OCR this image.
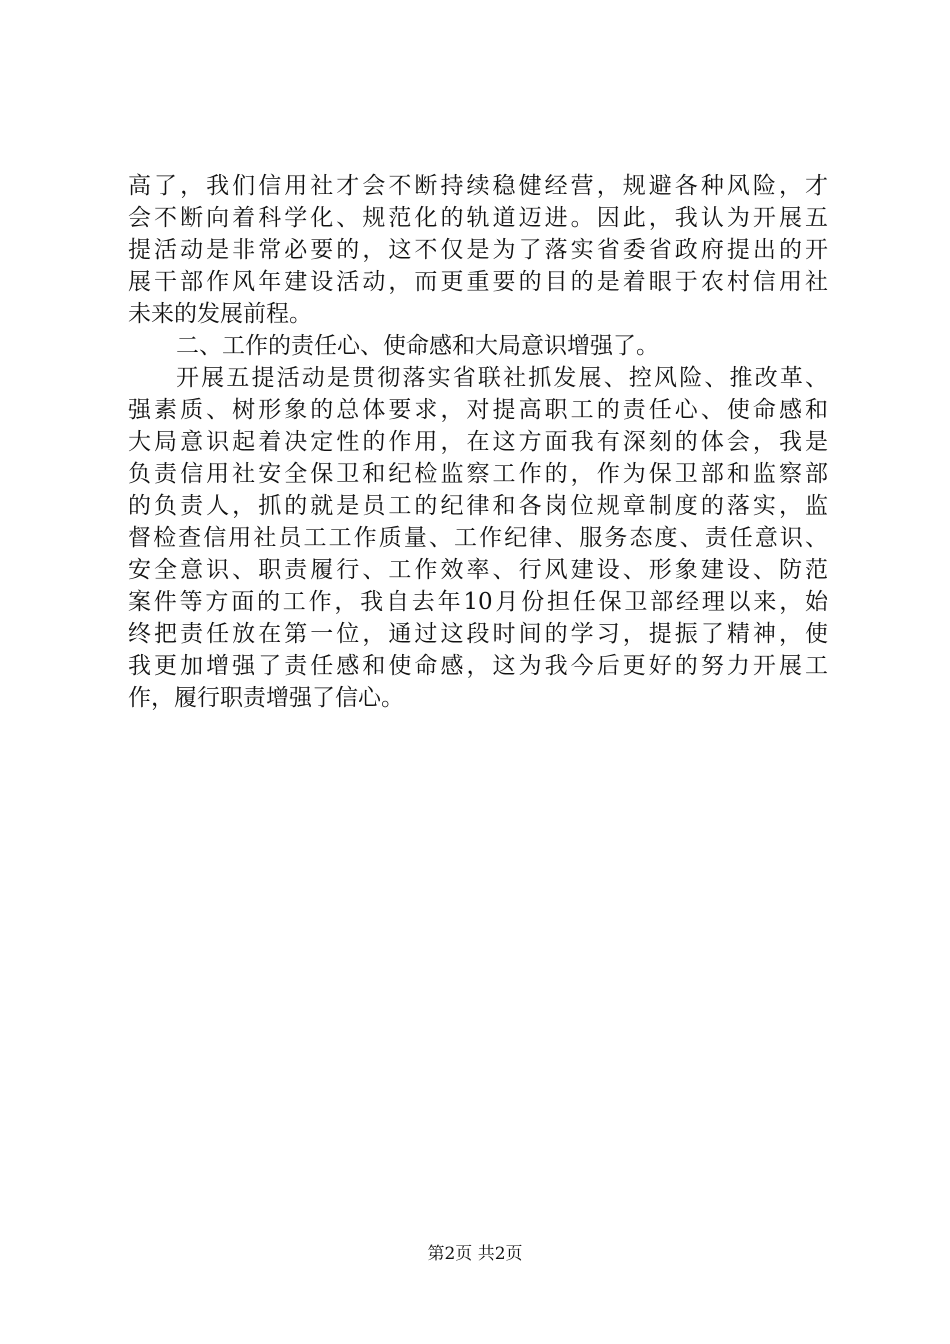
高了，我们信用社才会不断持续稳健经营，规避各种风险，才
会不断向着科学化、规范化的轨道迈进。因此，我认为开展五
提活动是非常必要的，这不仅是为了落实省委省政府提出的开
展干部作风年建设活动，而更重要的目的是着眼于农村信用社
未来的发展前程。
二、工作的责任心、使命感和大局意识增强了。
开展五提活动是贯彻落实省联社抓发展、控风险、推改革、
强素质、树形象的总体要求，对提高职工的责任心、使命感和
大局意识起着决定性的作用，在这方面我有深刻的体会，我是
负责信用社安全保卫和纪检监察工作的，作为保卫部和监察部
的负责人，抓的就是员工的纪律和各岗位规章制度的落实，监
督检查信用社员工工作质量、工作纪律、服务态度、责任意识、
安全意识、职责履行、工作效率、行风建设、形象建设、防范
案件等方面的工作，我自去年10月份担任保卫部经理以来，始
终把责任放在第一位，通过这段时间的学习，提振了精神，使
我更加增强了责任感和使命感，这为我今后更好的努力开展工
作，履行职责增强了信心。
第2页 共2页
